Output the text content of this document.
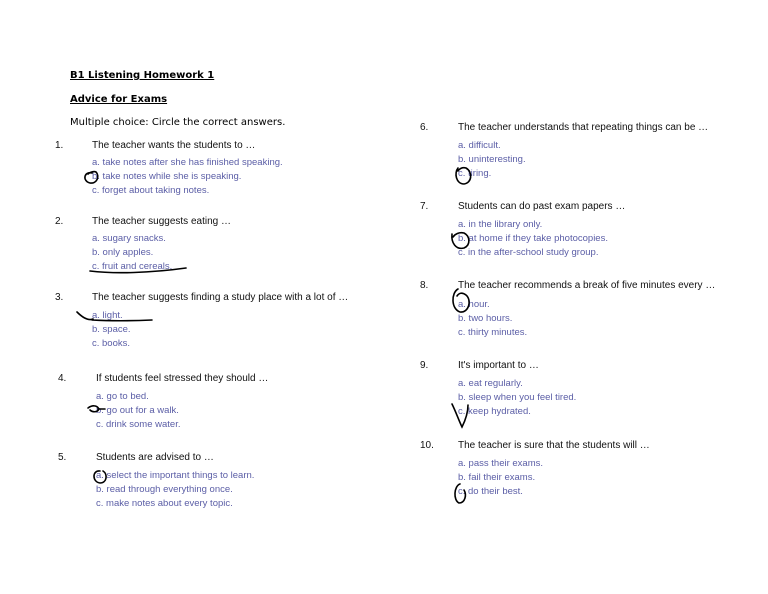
B1 Listening Homework 1
Advice for Exams
Multiple choice: Circle the correct answers.
1.	The teacher wants the students to …
a. take notes after she has finished speaking.
b. take notes while she is speaking.
c. forget about taking notes.
2.	The teacher suggests eating …
a. sugary snacks.
b. only apples.
c. fruit and cereals.
3.	The teacher suggests finding a study place with a lot of …
a. light.
b. space.
c. books.
4.	If students feel stressed they should …
a. go to bed.
b. go out for a walk.
c. drink some water.
5.	Students are advised to …
a. select the important things to learn.
b. read through everything once.
c. make notes about every topic.
6.	The teacher understands that repeating things can be …
a. difficult.
b. uninteresting.
c. tiring.
7.	Students can do past exam papers …
a. in the library only.
b. at home if they take photocopies.
c. in the after-school study group.
8.	The teacher recommends a break of five minutes every …
a. hour.
b. two hours.
c. thirty minutes.
9.	It's important to …
a. eat regularly.
b. sleep when you feel tired.
c. keep hydrated.
10. The teacher is sure that the students will …
a. pass their exams.
b. fail their exams.
c. do their best.
